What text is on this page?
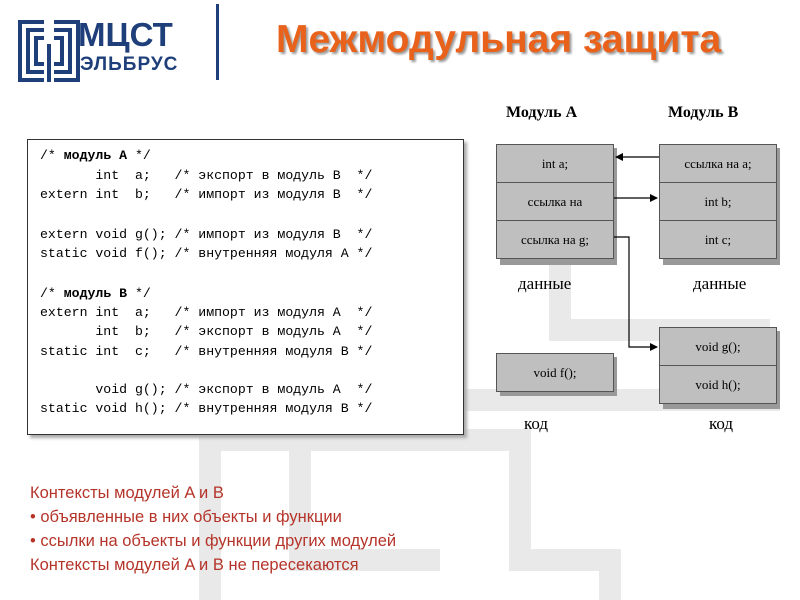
МЦСТ
ЭЛЬБРУС
Межмодульная защита
/* модуль A */
int  a;   /* экспорт в модуль B  */
extern int  b;   /* импорт из модуля B  */
extern void g(); /* импорт из модуля B  */
static void f(); /* внутренняя модуля A */
/* модуль B */
extern int  a;   /* импорт из модуля A  */
int  b;   /* экспорт в модуль A  */
static int  c;   /* внутренняя модуля B */
void g(); /* экспорт в модуль A  */
static void h(); /* внутренняя модуля B */
Модуль A	Модуль B
int a;
ссылка на
ссылка на g;
ссылка на a;
int b;
int c;
данные	данные
void f();
void g();
void h();
код	код
Контексты модулей A и B
• объявленные в них объекты и функции
• ссылки на объекты и функции других модулей
Контексты модулей A и B не пересекаются
